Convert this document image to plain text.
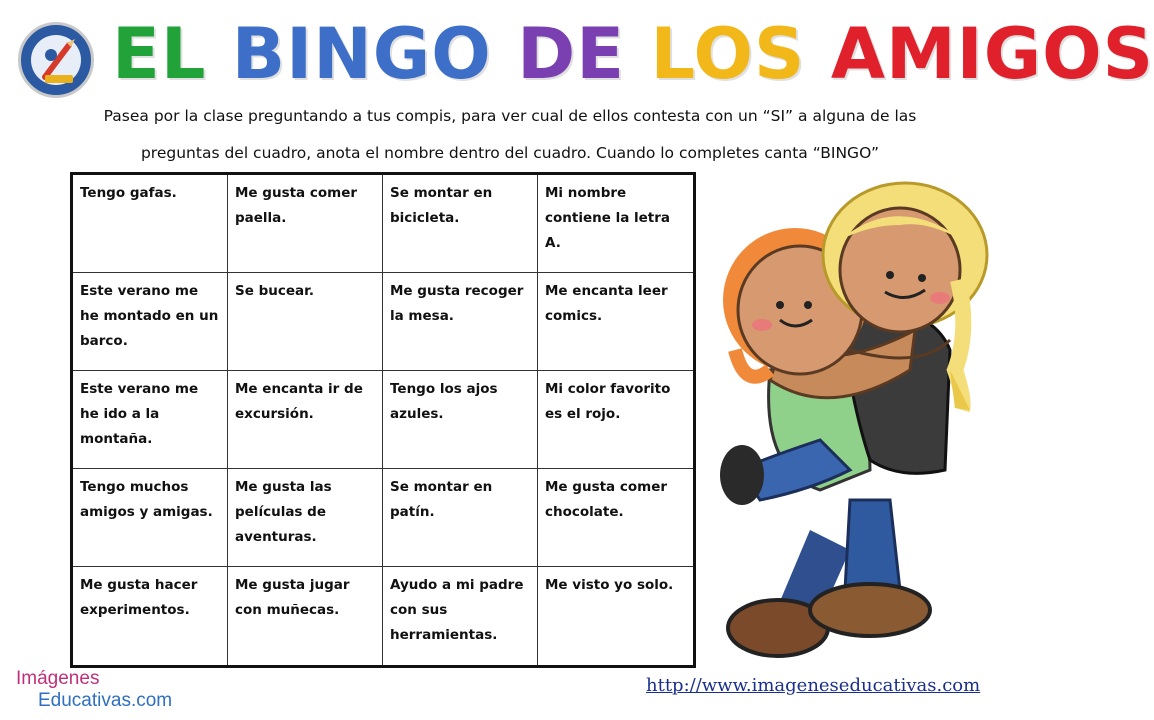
EL BINGO DE LOS AMIGOS
Pasea por la clase preguntando a tus compis, para ver cual de ellos contesta con un “SI” a alguna de las
preguntas del cuadro, anota el nombre dentro del cuadro. Cuando lo completes canta “BINGO”
Tengo gafas.	Me gusta comer paella.
Se montar en bicicleta.
Mi nombre contiene la letra A.
Este verano me he montado en un barco.
Se bucear.	Me gusta recoger la mesa.
Me encanta leer comics.
Este verano me he ido a la montaña.
Me encanta ir de excursión.
Tengo los ajos azules.
Mi color favorito es el rojo.
Tengo muchos amigos y amigas.
Me gusta las películas de aventuras.
Se montar en patín.
Me gusta comer chocolate.
Me gusta hacer experimentos.
Me gusta jugar con muñecas.
Ayudo a mi padre con sus herramientas.
Me visto yo solo.
Imágenes
Educativas.com
http://www.imageneseducativas.com
